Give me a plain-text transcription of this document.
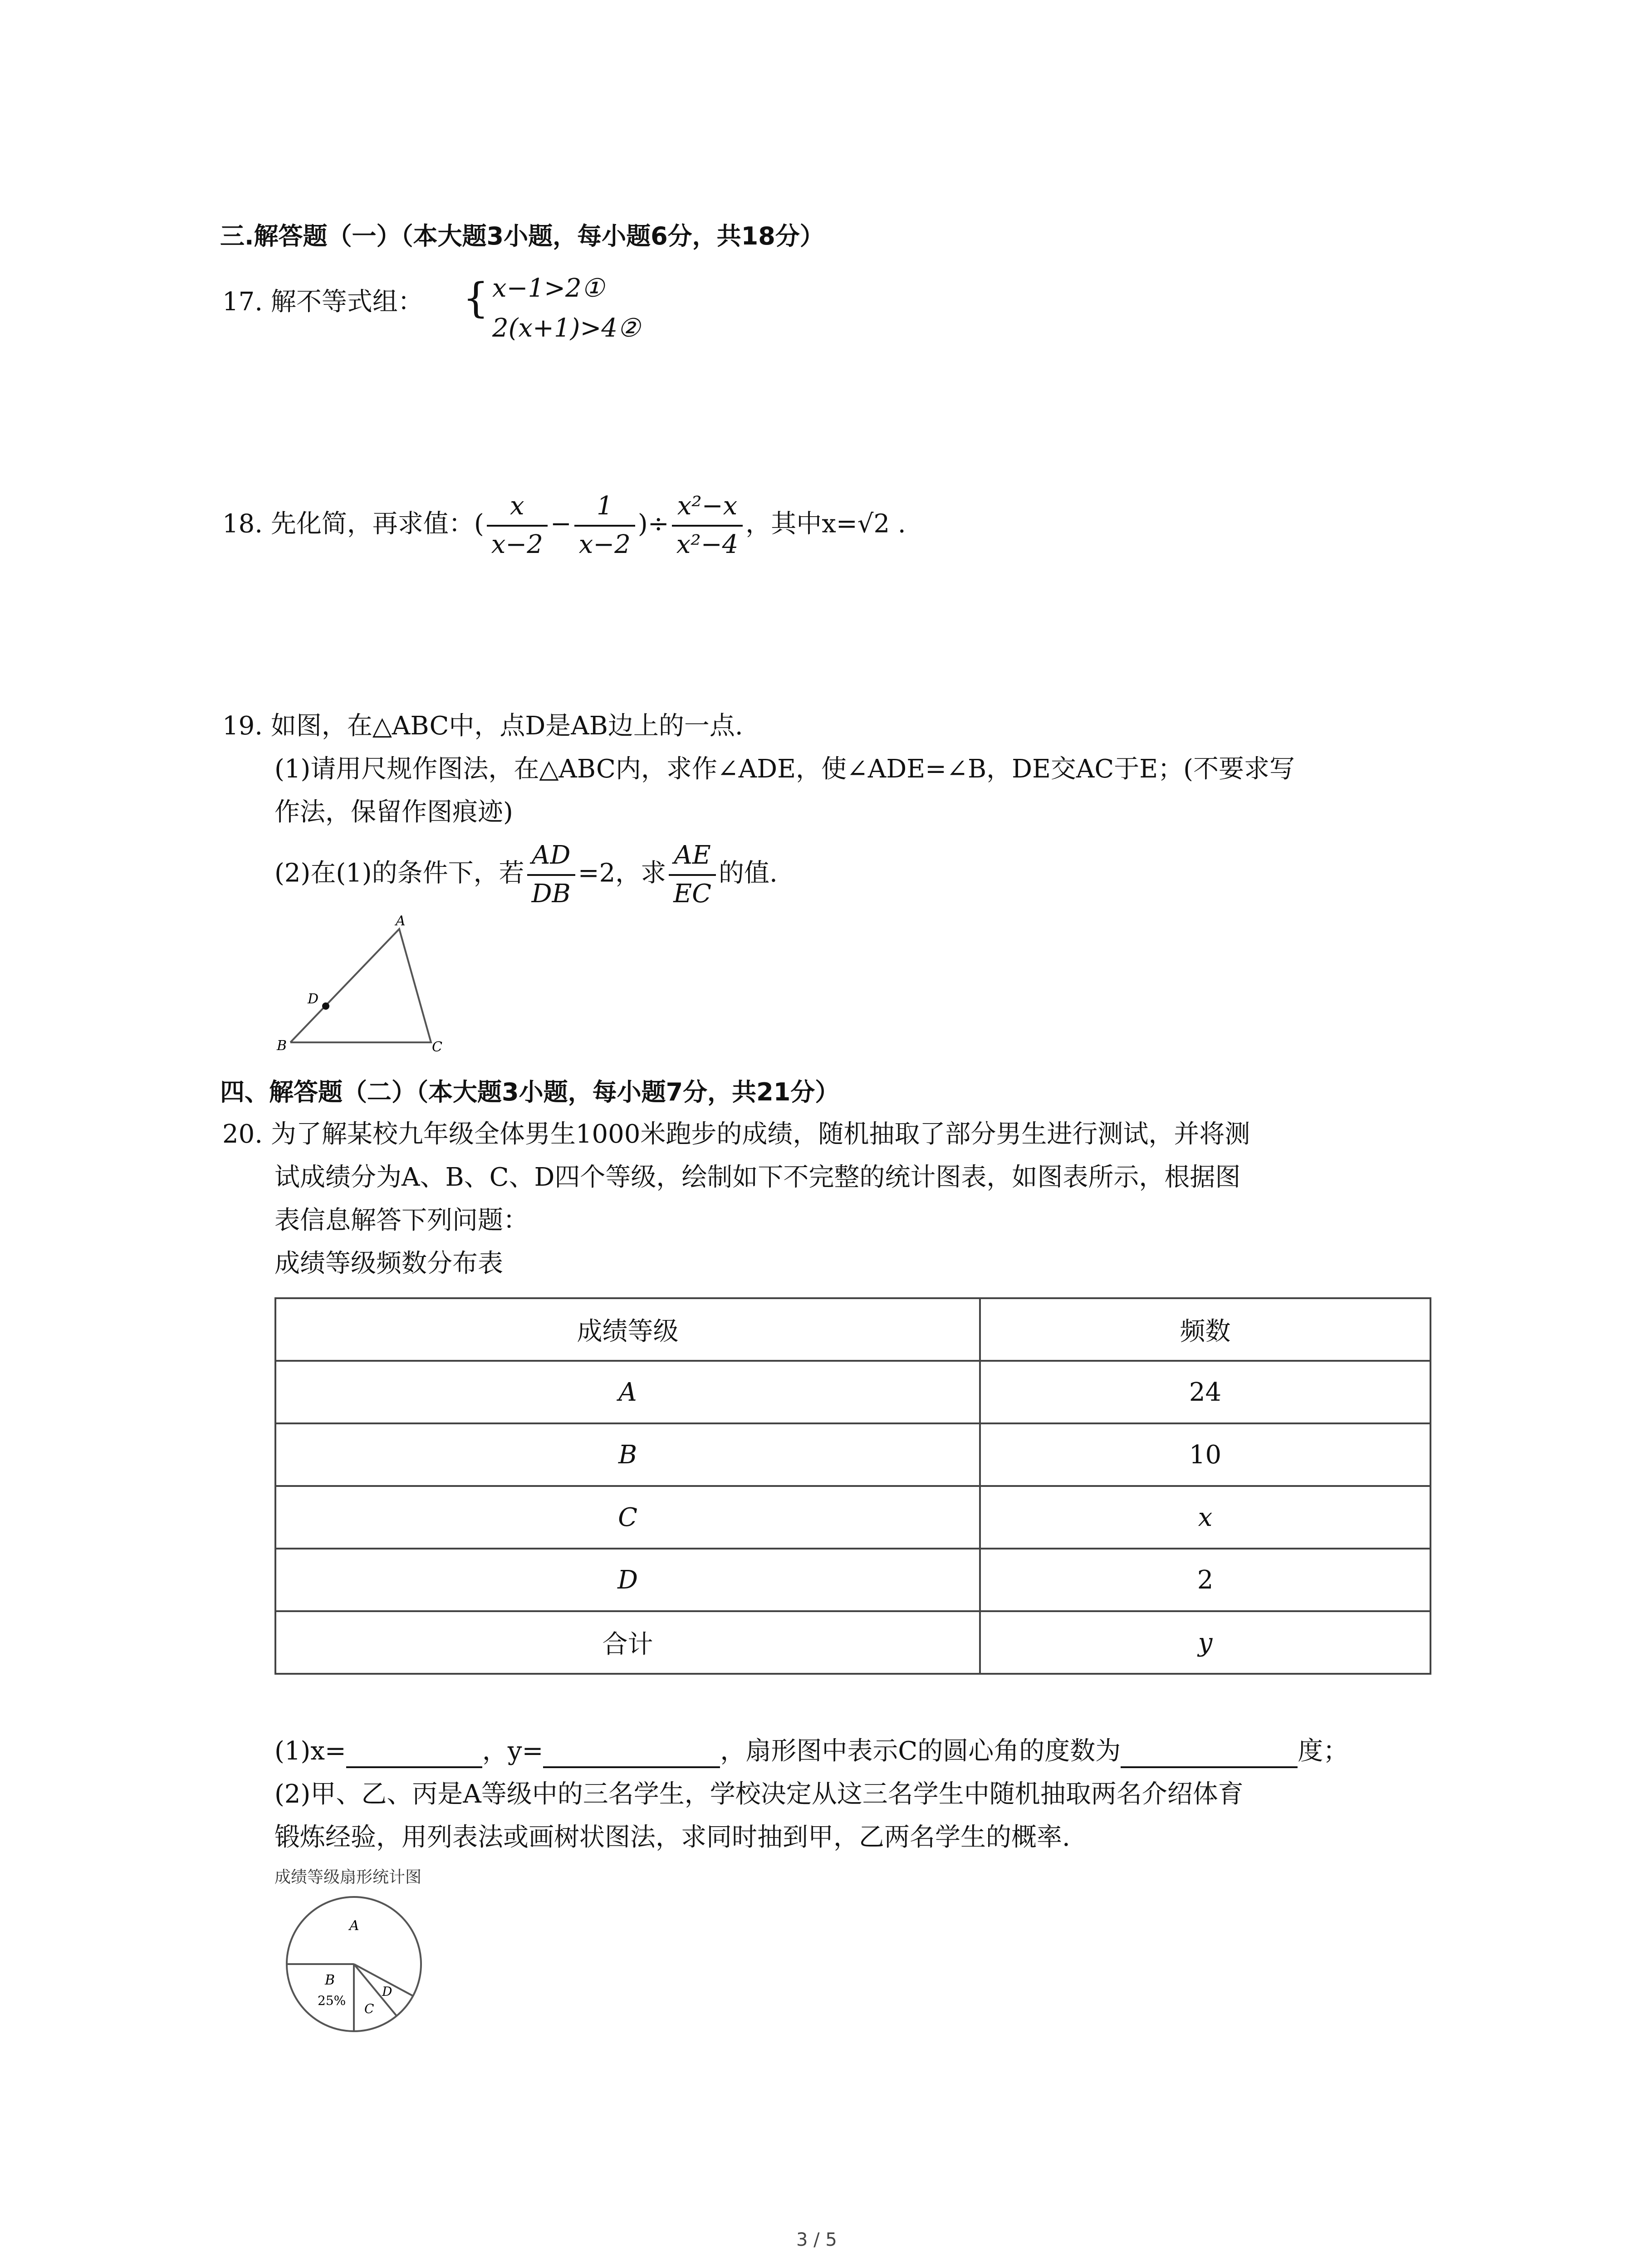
三.解答题（一）（本大题3小题，每小题6分，共18分）
17. 解不等式组： { x−1>2①
2(x+1)>4②
18. 先化简，再求值：( $\frac{x}{x-2} - \frac{1}{x-2}$ )÷ $\frac{\text{x²−x}}{\text{x²−4}}$ ，其中x=√2 .
19. 如图，在△ABC中，点D是AB边上的一点.
(1)请用尺规作图法，在△ABC内，求作∠ADE，使∠ADE=∠B，DE交AC于E；(不要求写
作法，保留作图痕迹)
(2)在(1)的条件下，若 $\frac{AD}{DB} =2$，求 $\frac{AE}{EC}$ 的值.
A
B	C
D
四、解答题（二）（本大题3小题，每小题7分，共21分）
20. 为了解某校九年级全体男生1000米跑步的成绩，随机抽取了部分男生进行测试，并将测
试成绩分为A、B、C、D四个等级，绘制如下不完整的统计图表，如图表所示，根据图
表信息解答下列问题：
成绩等级频数分布表
成绩等级	频数
A	24
B	10
C	x
D	2
合计	y
(1)x=	，y=	，扇形图中表示C的圆心角的度数为	度；
(2)甲、乙、丙是A等级中的三名学生，学校决定从这三名学生中随机抽取两名介绍体育
锻炼经验，用列表法或画树状图法，求同时抽到甲，乙两名学生的概率.
成绩等级扇形统计图
A
B
25%
C
D
3 / 5
